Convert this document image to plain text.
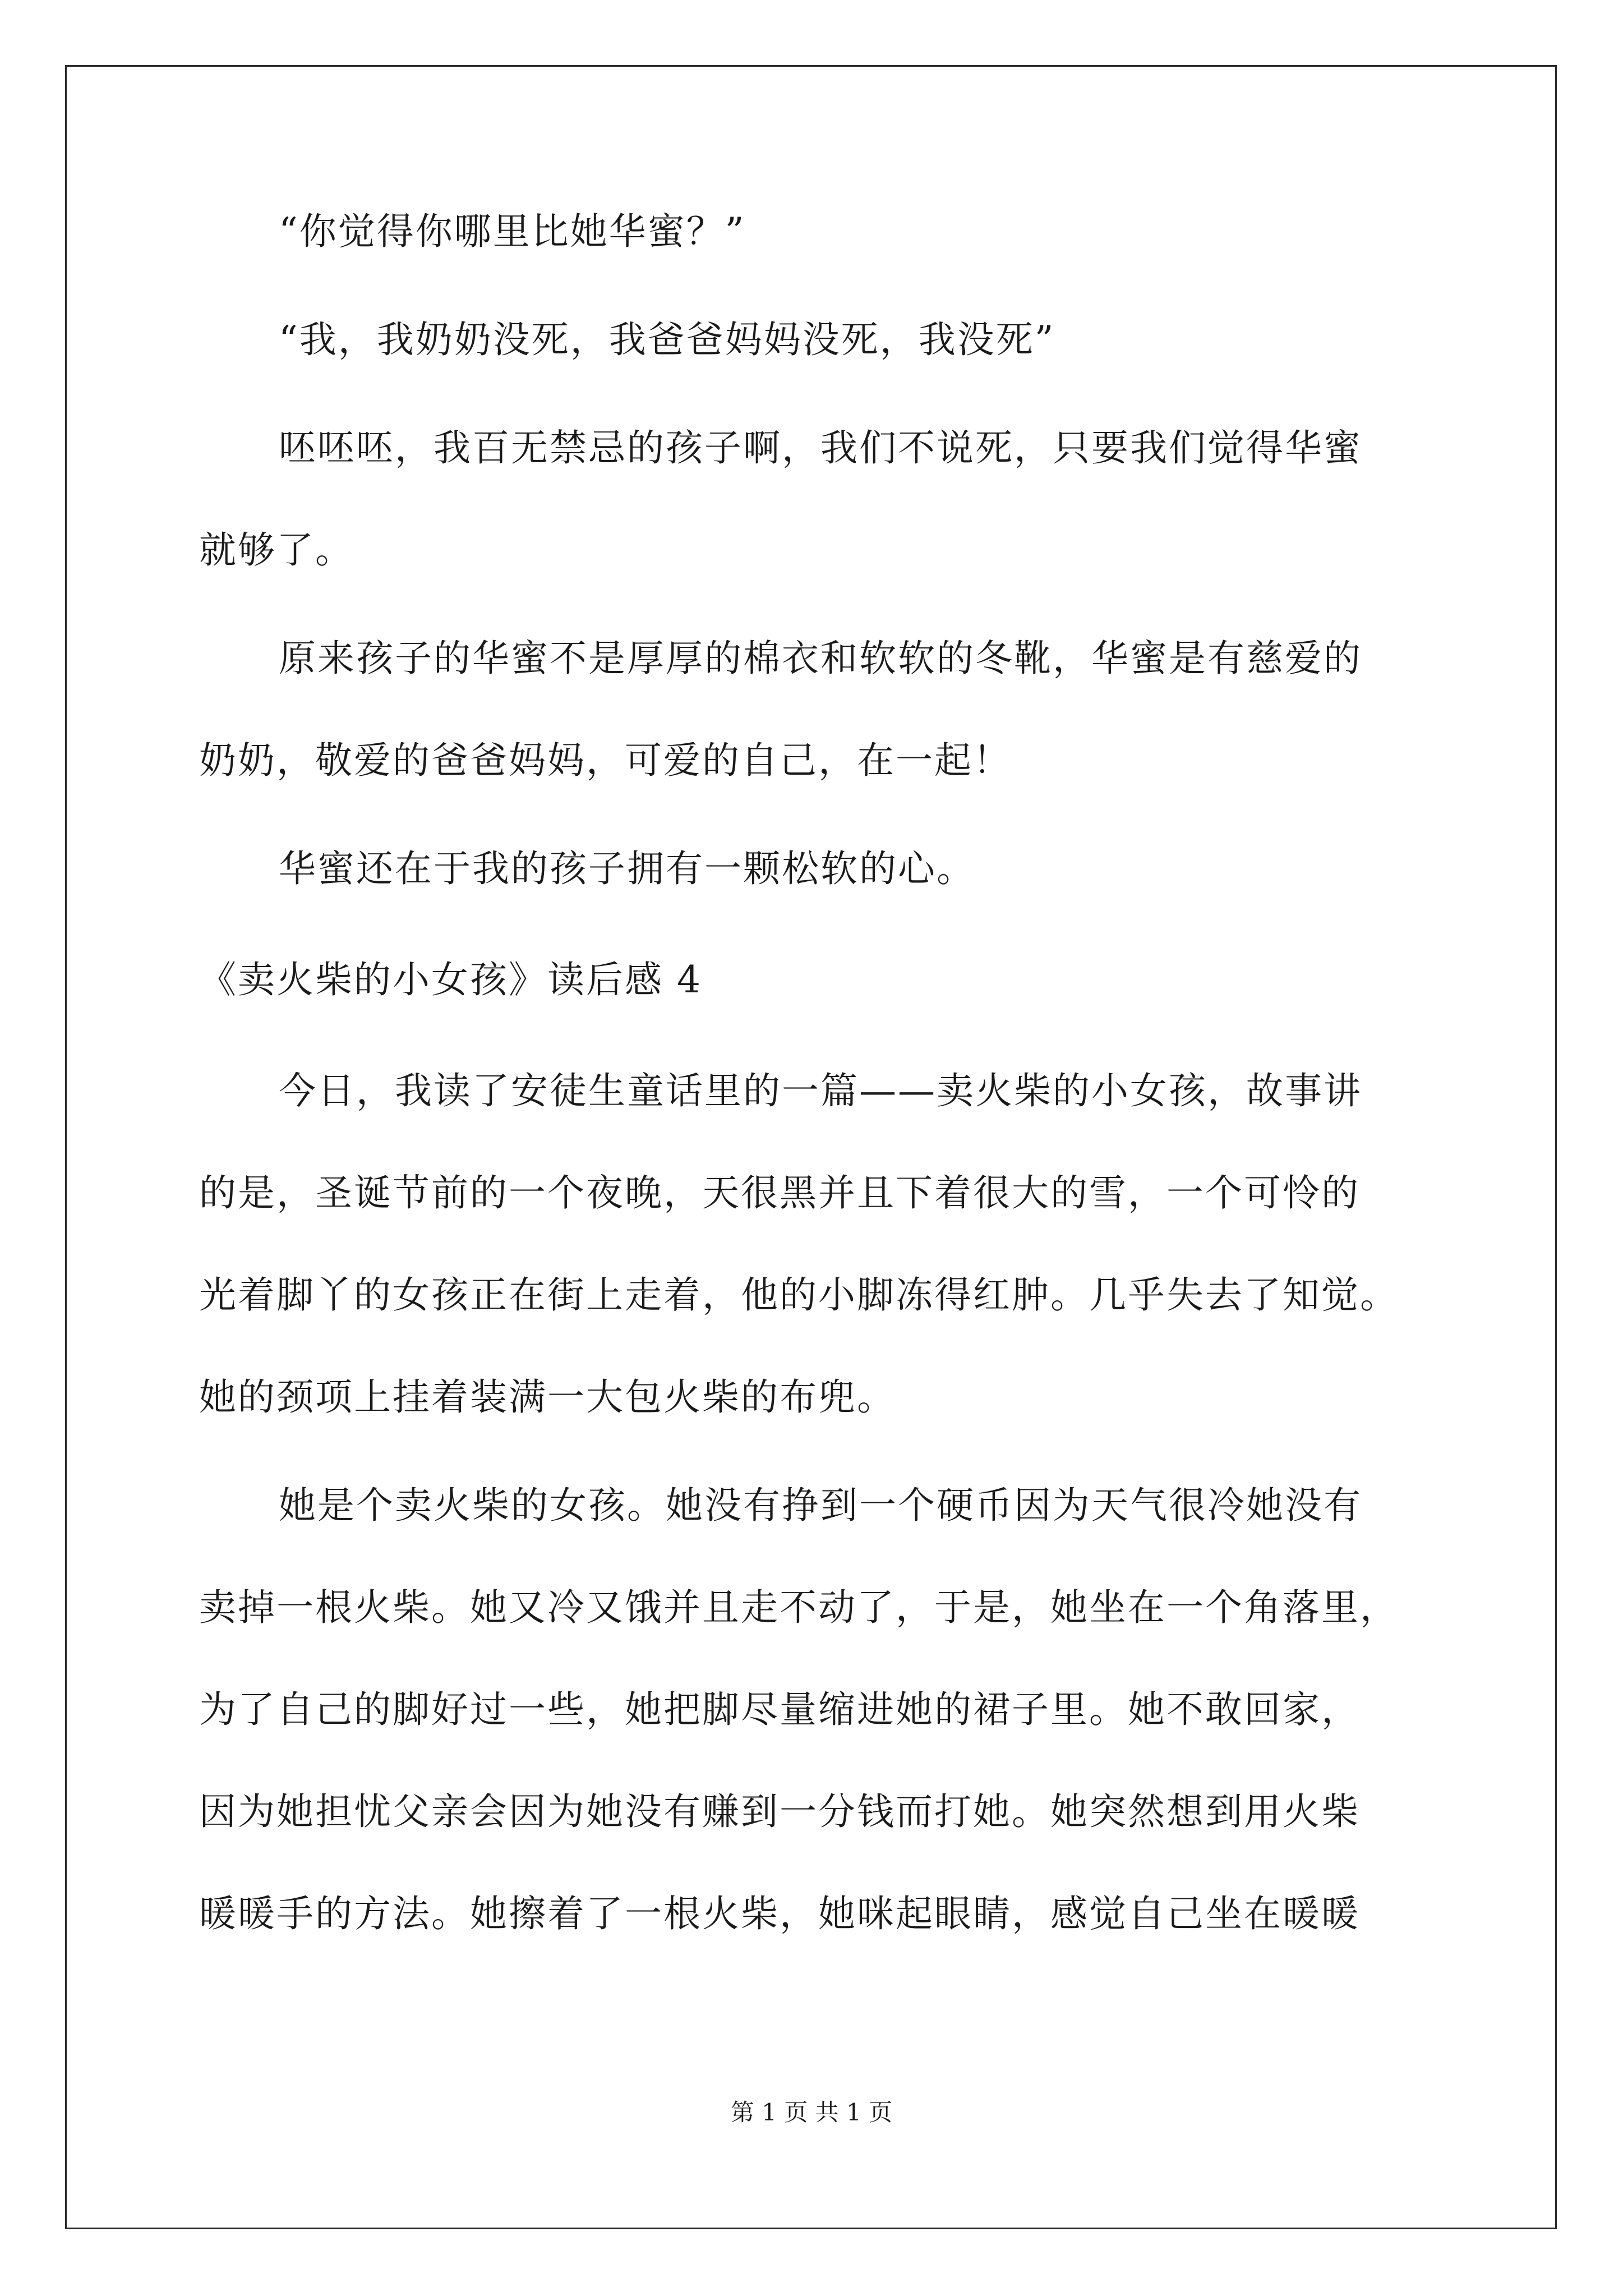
“你觉得你哪里比她华蜜？”

“我，我奶奶没死，我爸爸妈妈没死，我没死”

呸呸呸，我百无禁忌的孩子啊，我们不说死，只要我们觉得华蜜

就够了。

原来孩子的华蜜不是厚厚的棉衣和软软的冬靴，华蜜是有慈爱的

奶奶，敬爱的爸爸妈妈，可爱的自己，在一起！

华蜜还在于我的孩子拥有一颗松软的心。

《卖火柴的小女孩》读后感 4

今日，我读了安徒生童话里的一篇——卖火柴的小女孩，故事讲

的是，圣诞节前的一个夜晚，天很黑并且下着很大的雪，一个可怜的

光着脚丫的女孩正在街上走着，他的小脚冻得红肿。几乎失去了知觉。

她的颈项上挂着装满一大包火柴的布兜。

她是个卖火柴的女孩。她没有挣到一个硬币因为天气很冷她没有

卖掉一根火柴。她又冷又饿并且走不动了，于是，她坐在一个角落里，

为了自己的脚好过一些，她把脚尽量缩进她的裙子里。她不敢回家，

因为她担忧父亲会因为她没有赚到一分钱而打她。她突然想到用火柴

暖暖手的方法。她擦着了一根火柴，她咪起眼睛，感觉自己坐在暖暖

第 1 页 共 1 页
